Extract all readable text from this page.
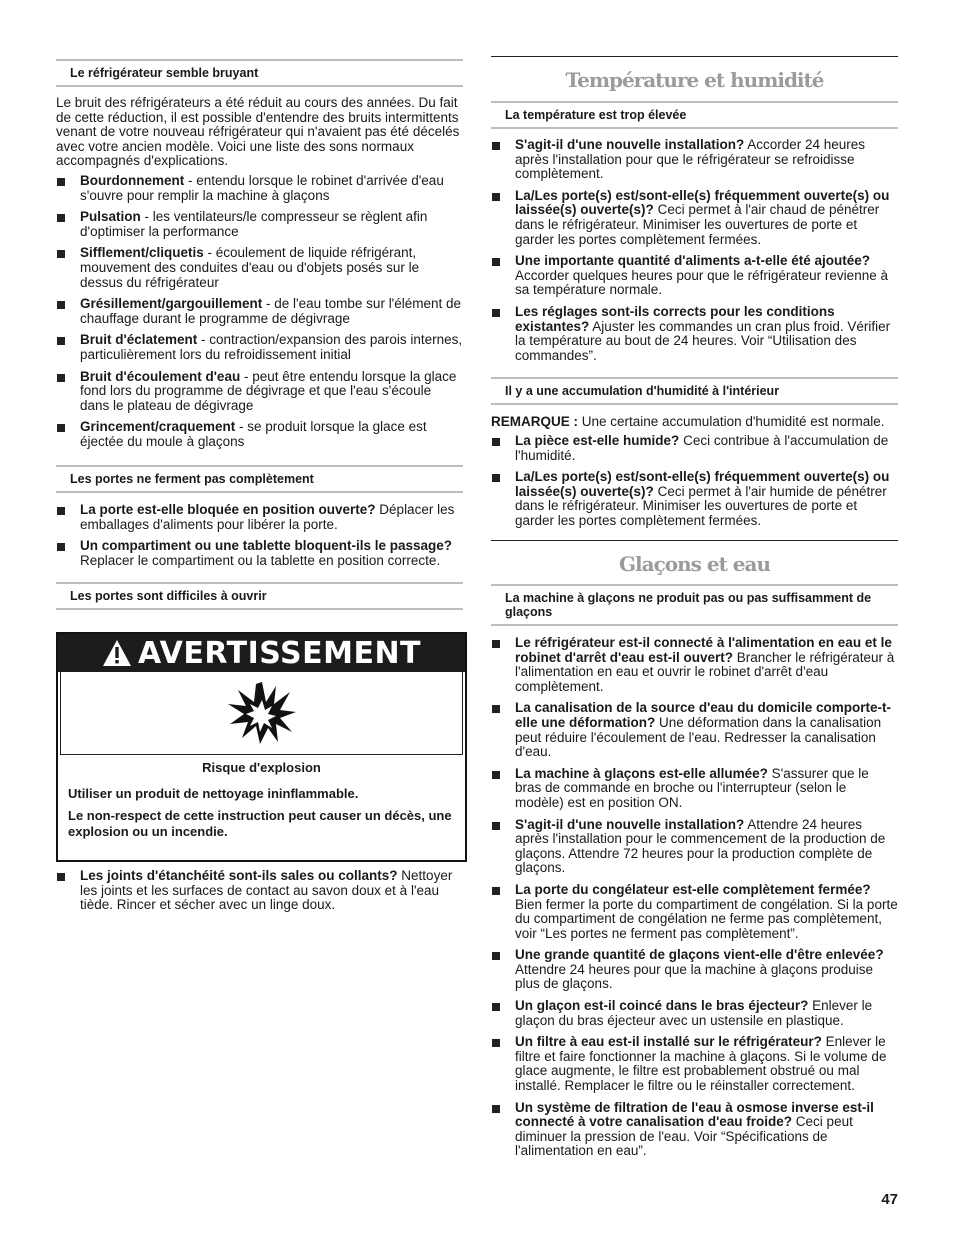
Le réfrigérateur semble bruyant
Le bruit des réfrigérateurs a été réduit au cours des années. Du fait de cette réduction, il est possible d'entendre des bruits intermittents venant de votre nouveau réfrigérateur qui n'avaient pas été décelés avec votre ancien modèle. Voici une liste des sons normaux accompagnés d'explications.
Bourdonnement - entendu lorsque le robinet d'arrivée d'eau s'ouvre pour remplir la machine à glaçons
Pulsation - les ventilateurs/le compresseur se règlent afin d'optimiser la performance
Sifflement/cliquetis - écoulement de liquide réfrigérant, mouvement des conduites d'eau ou d'objets posés sur le dessus du réfrigérateur
Grésillement/gargouillement - de l'eau tombe sur l'élément de chauffage durant le programme de dégivrage
Bruit d'éclatement - contraction/expansion des parois internes, particulièrement lors du refroidissement initial
Bruit d'écoulement d'eau - peut être entendu lorsque la glace fond lors du programme de dégivrage et que l'eau s'écoule dans le plateau de dégivrage
Grincement/craquement - se produit lorsque la glace est éjectée du moule à glaçons
Les portes ne ferment pas complètement
La porte est-elle bloquée en position ouverte? Déplacer les emballages d'aliments pour libérer la porte.
Un compartiment ou une tablette bloquent-ils le passage? Replacer le compartiment ou la tablette en position correcte.
Les portes sont difficiles à ouvrir
Les joints d'étanchéité sont-ils sales ou collants? Nettoyer les joints et les surfaces de contact au savon doux et à l'eau tiède. Rincer et sécher avec un linge doux.
AVERTISSEMENT
Risque d'explosion
Utiliser un produit de nettoyage ininflammable.
Le non-respect de cette instruction peut causer un décès, une explosion ou un incendie.
Température et humidité
La température est trop élevée
S'agit-il d'une nouvelle installation? Accorder 24 heures après l'installation pour que le réfrigérateur se refroidisse complètement.
La/Les porte(s) est/sont-elle(s) fréquemment ouverte(s) ou laissée(s) ouverte(s)? Ceci permet à l'air chaud de pénétrer dans le réfrigérateur. Minimiser les ouvertures de porte et garder les portes complètement fermées.
Une importante quantité d'aliments a-t-elle été ajoutée? Accorder quelques heures pour que le réfrigérateur revienne à sa température normale.
Les réglages sont-ils corrects pour les conditions existantes? Ajuster les commandes un cran plus froid. Vérifier la température au bout de 24 heures. Voir “Utilisation des commandes”.
Il y a une accumulation d'humidité à l'intérieur
REMARQUE : Une certaine accumulation d'humidité est normale.
La pièce est-elle humide? Ceci contribue à l'accumulation de l'humidité.
La/Les porte(s) est/sont-elle(s) fréquemment ouverte(s) ou laissée(s) ouverte(s)? Ceci permet à l'air humide de pénétrer dans le réfrigérateur. Minimiser les ouvertures de porte et garder les portes complètement fermées.
Glaçons et eau
La machine à glaçons ne produit pas ou pas suffisamment de glaçons
Le réfrigérateur est-il connecté à l'alimentation en eau et le robinet d'arrêt d'eau est-il ouvert? Brancher le réfrigérateur à l'alimentation en eau et ouvrir le robinet d'arrêt d'eau complètement.
La canalisation de la source d'eau du domicile comporte-t-elle une déformation? Une déformation dans la canalisation peut réduire l'écoulement de l'eau. Redresser la canalisation d'eau.
La machine à glaçons est-elle allumée? S'assurer que le bras de commande en broche ou l'interrupteur (selon le modèle) est en position ON.
S'agit-il d'une nouvelle installation? Attendre 24 heures après l'installation pour le commencement de la production de glaçons. Attendre 72 heures pour la production complète de glaçons.
La porte du congélateur est-elle complètement fermée? Bien fermer la porte du compartiment de congélation. Si la porte du compartiment de congélation ne ferme pas complètement, voir “Les portes ne ferment pas complètement”.
Une grande quantité de glaçons vient-elle d'être enlevée? Attendre 24 heures pour que la machine à glaçons produise plus de glaçons.
Un glaçon est-il coincé dans le bras éjecteur? Enlever le glaçon du bras éjecteur avec un ustensile en plastique.
Un filtre à eau est-il installé sur le réfrigérateur? Enlever le filtre et faire fonctionner la machine à glaçons. Si le volume de glace augmente, le filtre est probablement obstrué ou mal installé. Remplacer le filtre ou le réinstaller correctement.
Un système de filtration de l'eau à osmose inverse est-il connecté à votre canalisation d'eau froide? Ceci peut diminuer la pression de l'eau. Voir “Spécifications de l'alimentation en eau”.
47
